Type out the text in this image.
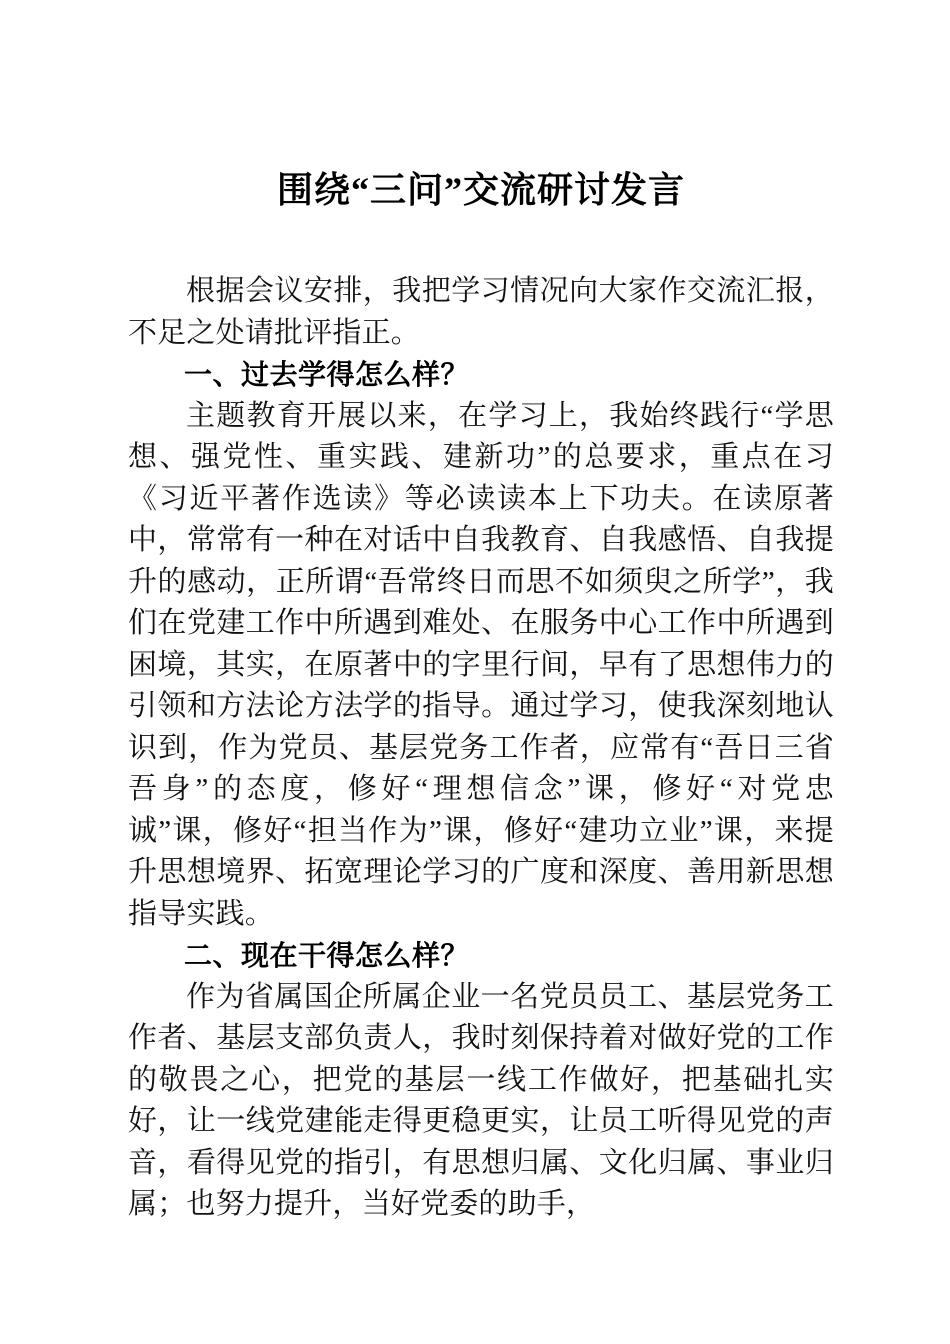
围绕“三问”交流研讨发言

根据会议安排，我把学习情况向大家作交流汇报，不足之处请批评指正。

一、过去学得怎么样？

主题教育开展以来，在学习上，我始终践行“学思想、强党性、重实践、建新功”的总要求，重点在习《习近平著作选读》等必读读本上下功夫。在读原著中，常常有一种在对话中自我教育、自我感悟、自我提升的感动，正所谓“吾常终日而思不如须臾之所学”，我们在党建工作中所遇到难处、在服务中心工作中所遇到困境，其实，在原著中的字里行间，早有了思想伟力的引领和方法论方法学的指导。通过学习，使我深刻地认识到，作为党员、基层党务工作者，应常有“吾日三省吾身”的态度，修好“理想信念”课，修好“对党忠诚”课，修好“担当作为”课，修好“建功立业”课，来提升思想境界、拓宽理论学习的广度和深度、善用新思想指导实践。

二、现在干得怎么样？

作为省属国企所属企业一名党员员工、基层党务工作者、基层支部负责人，我时刻保持着对做好党的工作的敬畏之心，把党的基层一线工作做好，把基础扎实好，让一线党建能走得更稳更实，让员工听得见党的声音，看得见党的指引，有思想归属、文化归属、事业归属；也努力提升，当好党委的助手，
